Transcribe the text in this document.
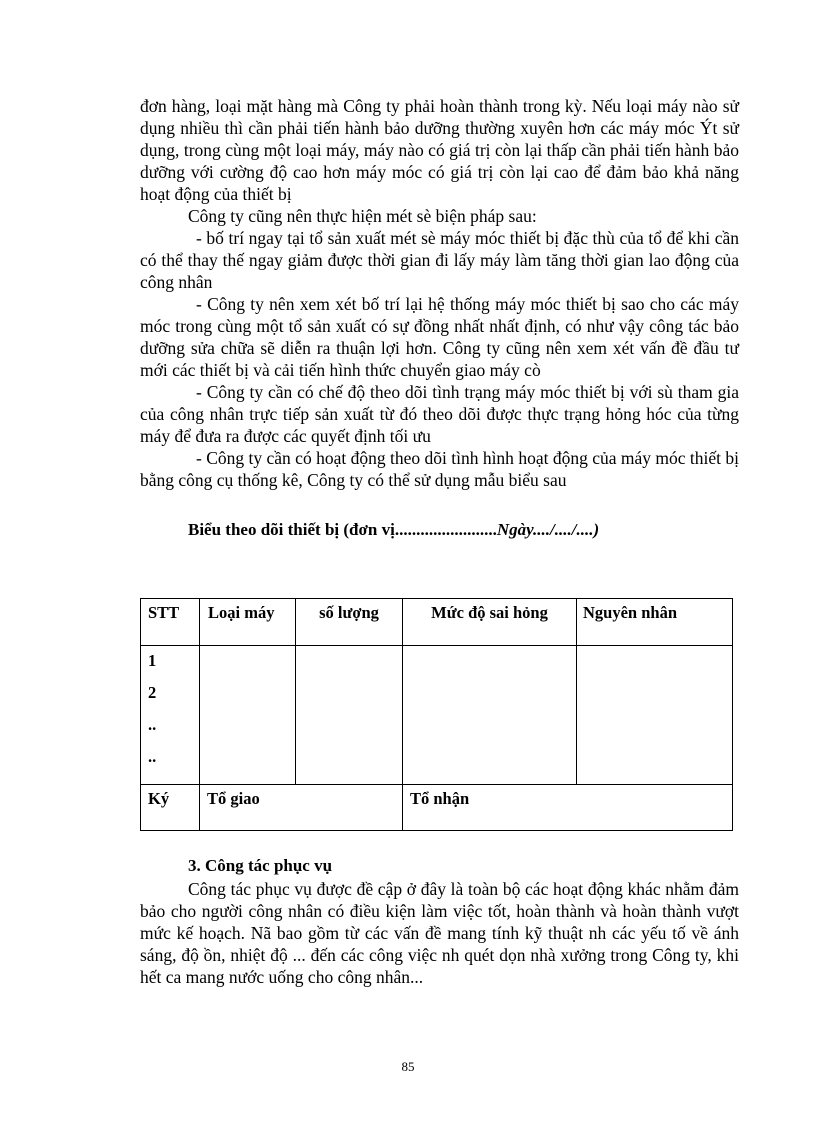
đơn hàng, loại mặt hàng mà Công ty phải hoàn thành trong kỳ. Nếu loại máy nào sử dụng nhiều thì cần phải tiến hành bảo dưỡng thường xuyên hơn các máy móc Ýt sử dụng, trong cùng một loại máy, máy nào có giá trị còn lại thấp cần phải tiến hành bảo dưỡng với cường độ cao hơn máy móc có giá trị còn lại cao để đảm bảo khả năng hoạt động của thiết bị

Công ty cũng nên thực hiện mét sè biện pháp sau:

- bố trí ngay tại tổ sản xuất mét sè máy móc thiết bị đặc thù của tổ để khi cần có thể thay thế ngay giảm được thời gian đi lấy máy làm tăng thời gian lao động của công nhân

- Công ty nên xem xét bố trí lại hệ thống máy móc thiết bị sao cho các máy móc trong cùng một tổ sản xuất có sự đồng nhất nhất định, có như vậy công tác bảo dưỡng sửa chữa sẽ diễn ra thuận lợi hơn. Công ty cũng nên xem xét vấn đề đầu tư mới các thiết bị và cải tiến hình thức chuyển giao máy cò

- Công ty cần có chế độ theo dõi tình trạng máy móc thiết bị với sù tham gia của công nhân trực tiếp sản xuất từ đó theo dõi được thực trạng hỏng hóc của từng máy để đưa ra được các quyết định tối ưu

- Công ty cần có hoạt động theo dõi tình hình hoạt động của máy móc thiết bị bằng công cụ thống kê, Công ty có thể sử dụng mẫu biểu sau

Biểu theo dõi thiết bị (đơn vị........................Ngày..../..../....)
STT	Loại máy	số lượng	Mức độ sai hỏng	Nguyên nhân

1
2
..
..				

Ký	Tổ giao		Tổ nhận	
3. Công tác phục vụ

Công tác phục vụ được đề cập ở đây là toàn bộ các hoạt động khác nhằm đảm bảo cho người công nhân có điều kiện làm việc tốt, hoàn thành và hoàn thành vượt mức kế hoạch. Nã bao gồm từ các vấn đề mang tính kỹ thuật nh các yếu tố về ánh sáng, độ ồn, nhiệt độ ... đến các công việc nh quét dọn nhà xưởng trong Công ty, khi hết ca mang nước uống cho công nhân...

85
